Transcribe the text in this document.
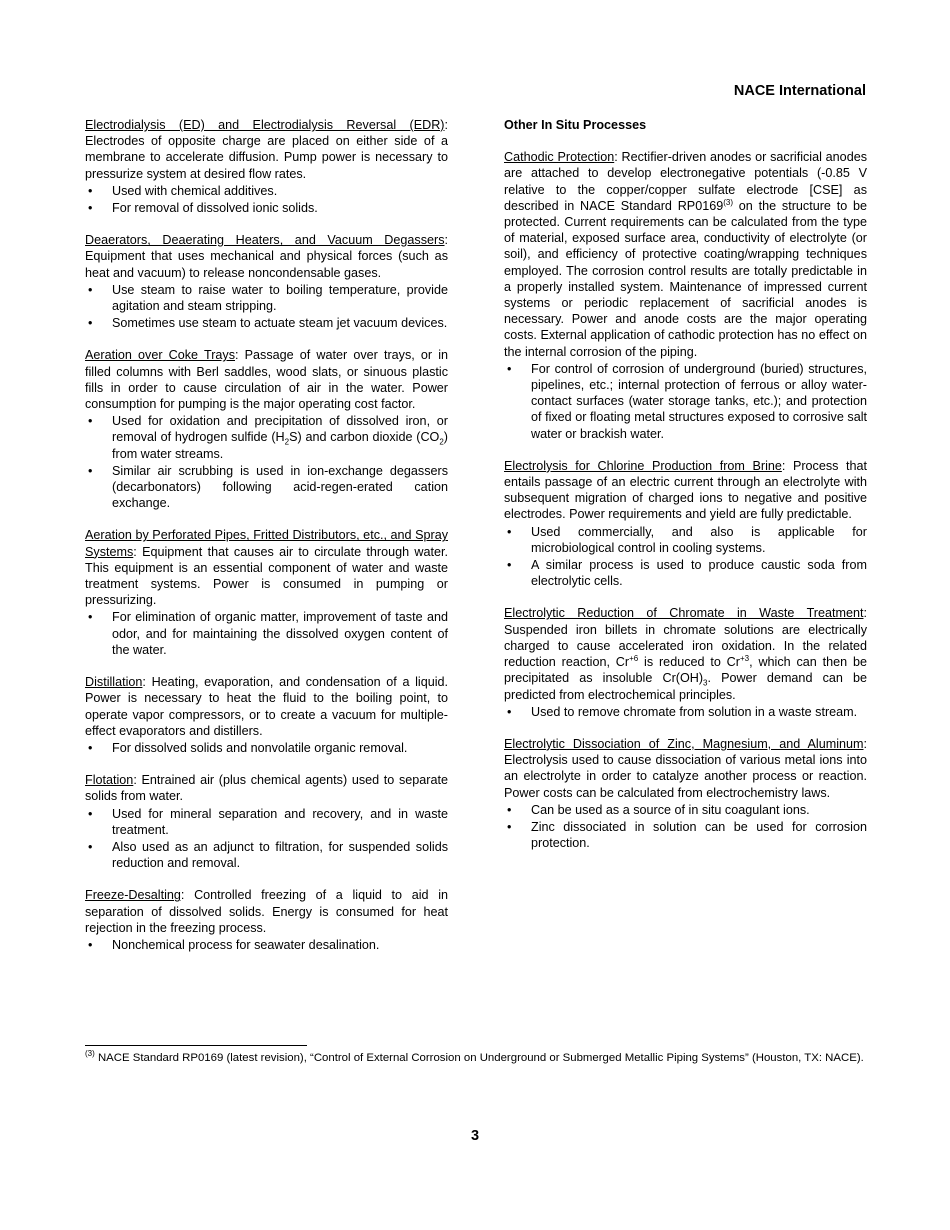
NACE International

Electrodialysis (ED) and Electrodialysis Reversal (EDR): Electrodes of opposite charge are placed on either side of a membrane to accelerate diffusion. Pump power is necessary to pressurize system at desired flow rates.

• Used with chemical additives.
• For removal of dissolved ionic solids.

Deaerators, Deaerating Heaters, and Vacuum Degassers: Equipment that uses mechanical and physical forces (such as heat and vacuum) to release noncondensable gases.

• Use steam to raise water to boiling temperature, provide agitation and steam stripping.
• Sometimes use steam to actuate steam jet vacuum devices.

Aeration over Coke Trays: Passage of water over trays, or in filled columns with Berl saddles, wood slats, or sinuous plastic fills in order to cause circulation of air in the water. Power consumption for pumping is the major operating cost factor.

• Used for oxidation and precipitation of dissolved iron, or removal of hydrogen sulfide $(H_2S)$ and carbon dioxide $(CO_2)$ from water streams.
• Similar air scrubbing is used in ion-exchange degassers (decarbonators) following acid-regen-erated cation exchange.

Aeration by Perforated Pipes, Fritted Distributors, etc., and Spray Systems: Equipment that causes air to circulate through water. This equipment is an essential component of water and waste treatment systems. Power is consumed in pumping or pressurizing.

• For elimination of organic matter, improvement of taste and odor, and for maintaining the dissolved oxygen content of the water.

Distillation: Heating, evaporation, and condensation of a liquid. Power is necessary to heat the fluid to the boiling point, to operate vapor compressors, or to create a vacuum for multiple-effect evaporators and distillers.

• For dissolved solids and nonvolatile organic removal.

Flotation: Entrained air (plus chemical agents) used to separate solids from water.

• Used for mineral separation and recovery, and in waste treatment.
• Also used as an adjunct to filtration, for suspended solids reduction and removal.

Freeze-Desalting: Controlled freezing of a liquid to aid in separation of dissolved solids. Energy is consumed for heat rejection in the freezing process.

• Nonchemical process for seawater desalination.

Other In Situ Processes

Cathodic Protection: Rectifier-driven anodes or sacrificial anodes are attached to develop electronegative potentials (-0.85 V relative to the copper/copper sulfate electrode [CSE] as described in NACE Standard RP0169$^{(3)}$ on the structure to be protected. Current requirements can be calculated from the type of material, exposed surface area, conductivity of electrolyte (or soil), and efficiency of protective coating/wrapping techniques employed. The corrosion control results are totally predictable in a properly installed system. Maintenance of impressed current systems or periodic replacement of sacrificial anodes is necessary. Power and anode costs are the major operating costs. External application of cathodic protection has no effect on the internal corrosion of the piping.

• For control of corrosion of underground (buried) structures, pipelines, etc.; internal protection of ferrous or alloy water-contact surfaces (water storage tanks, etc.); and protection of fixed or floating metal structures exposed to corrosive salt water or brackish water.

Electrolysis for Chlorine Production from Brine: Process that entails passage of an electric current through an electrolyte with subsequent migration of charged ions to negative and positive electrodes. Power requirements and yield are fully predictable.

• Used commercially, and also is applicable for microbiological control in cooling systems.
• A similar process is used to produce caustic soda from electrolytic cells.

Electrolytic Reduction of Chromate in Waste Treatment: Suspended iron billets in chromate solutions are electrically charged to cause accelerated iron oxidation. In the related reduction reaction, $Cr^{+6}$ is reduced to $Cr^{+3}$, which can then be precipitated as insoluble $Cr(OH)_3$. Power demand can be predicted from electrochemical principles.

• Used to remove chromate from solution in a waste stream.

Electrolytic Dissociation of Zinc, Magnesium, and Aluminum: Electrolysis used to cause dissociation of various metal ions into an electrolyte in order to catalyze another process or reaction. Power costs can be calculated from electrochemistry laws.

• Can be used as a source of in situ coagulant ions.
• Zinc dissociated in solution can be used for corrosion protection.
$^{(3)}$ NACE Standard RP0169 (latest revision), “Control of External Corrosion on Underground or Submerged Metallic Piping Systems” (Houston, TX: NACE).
3
